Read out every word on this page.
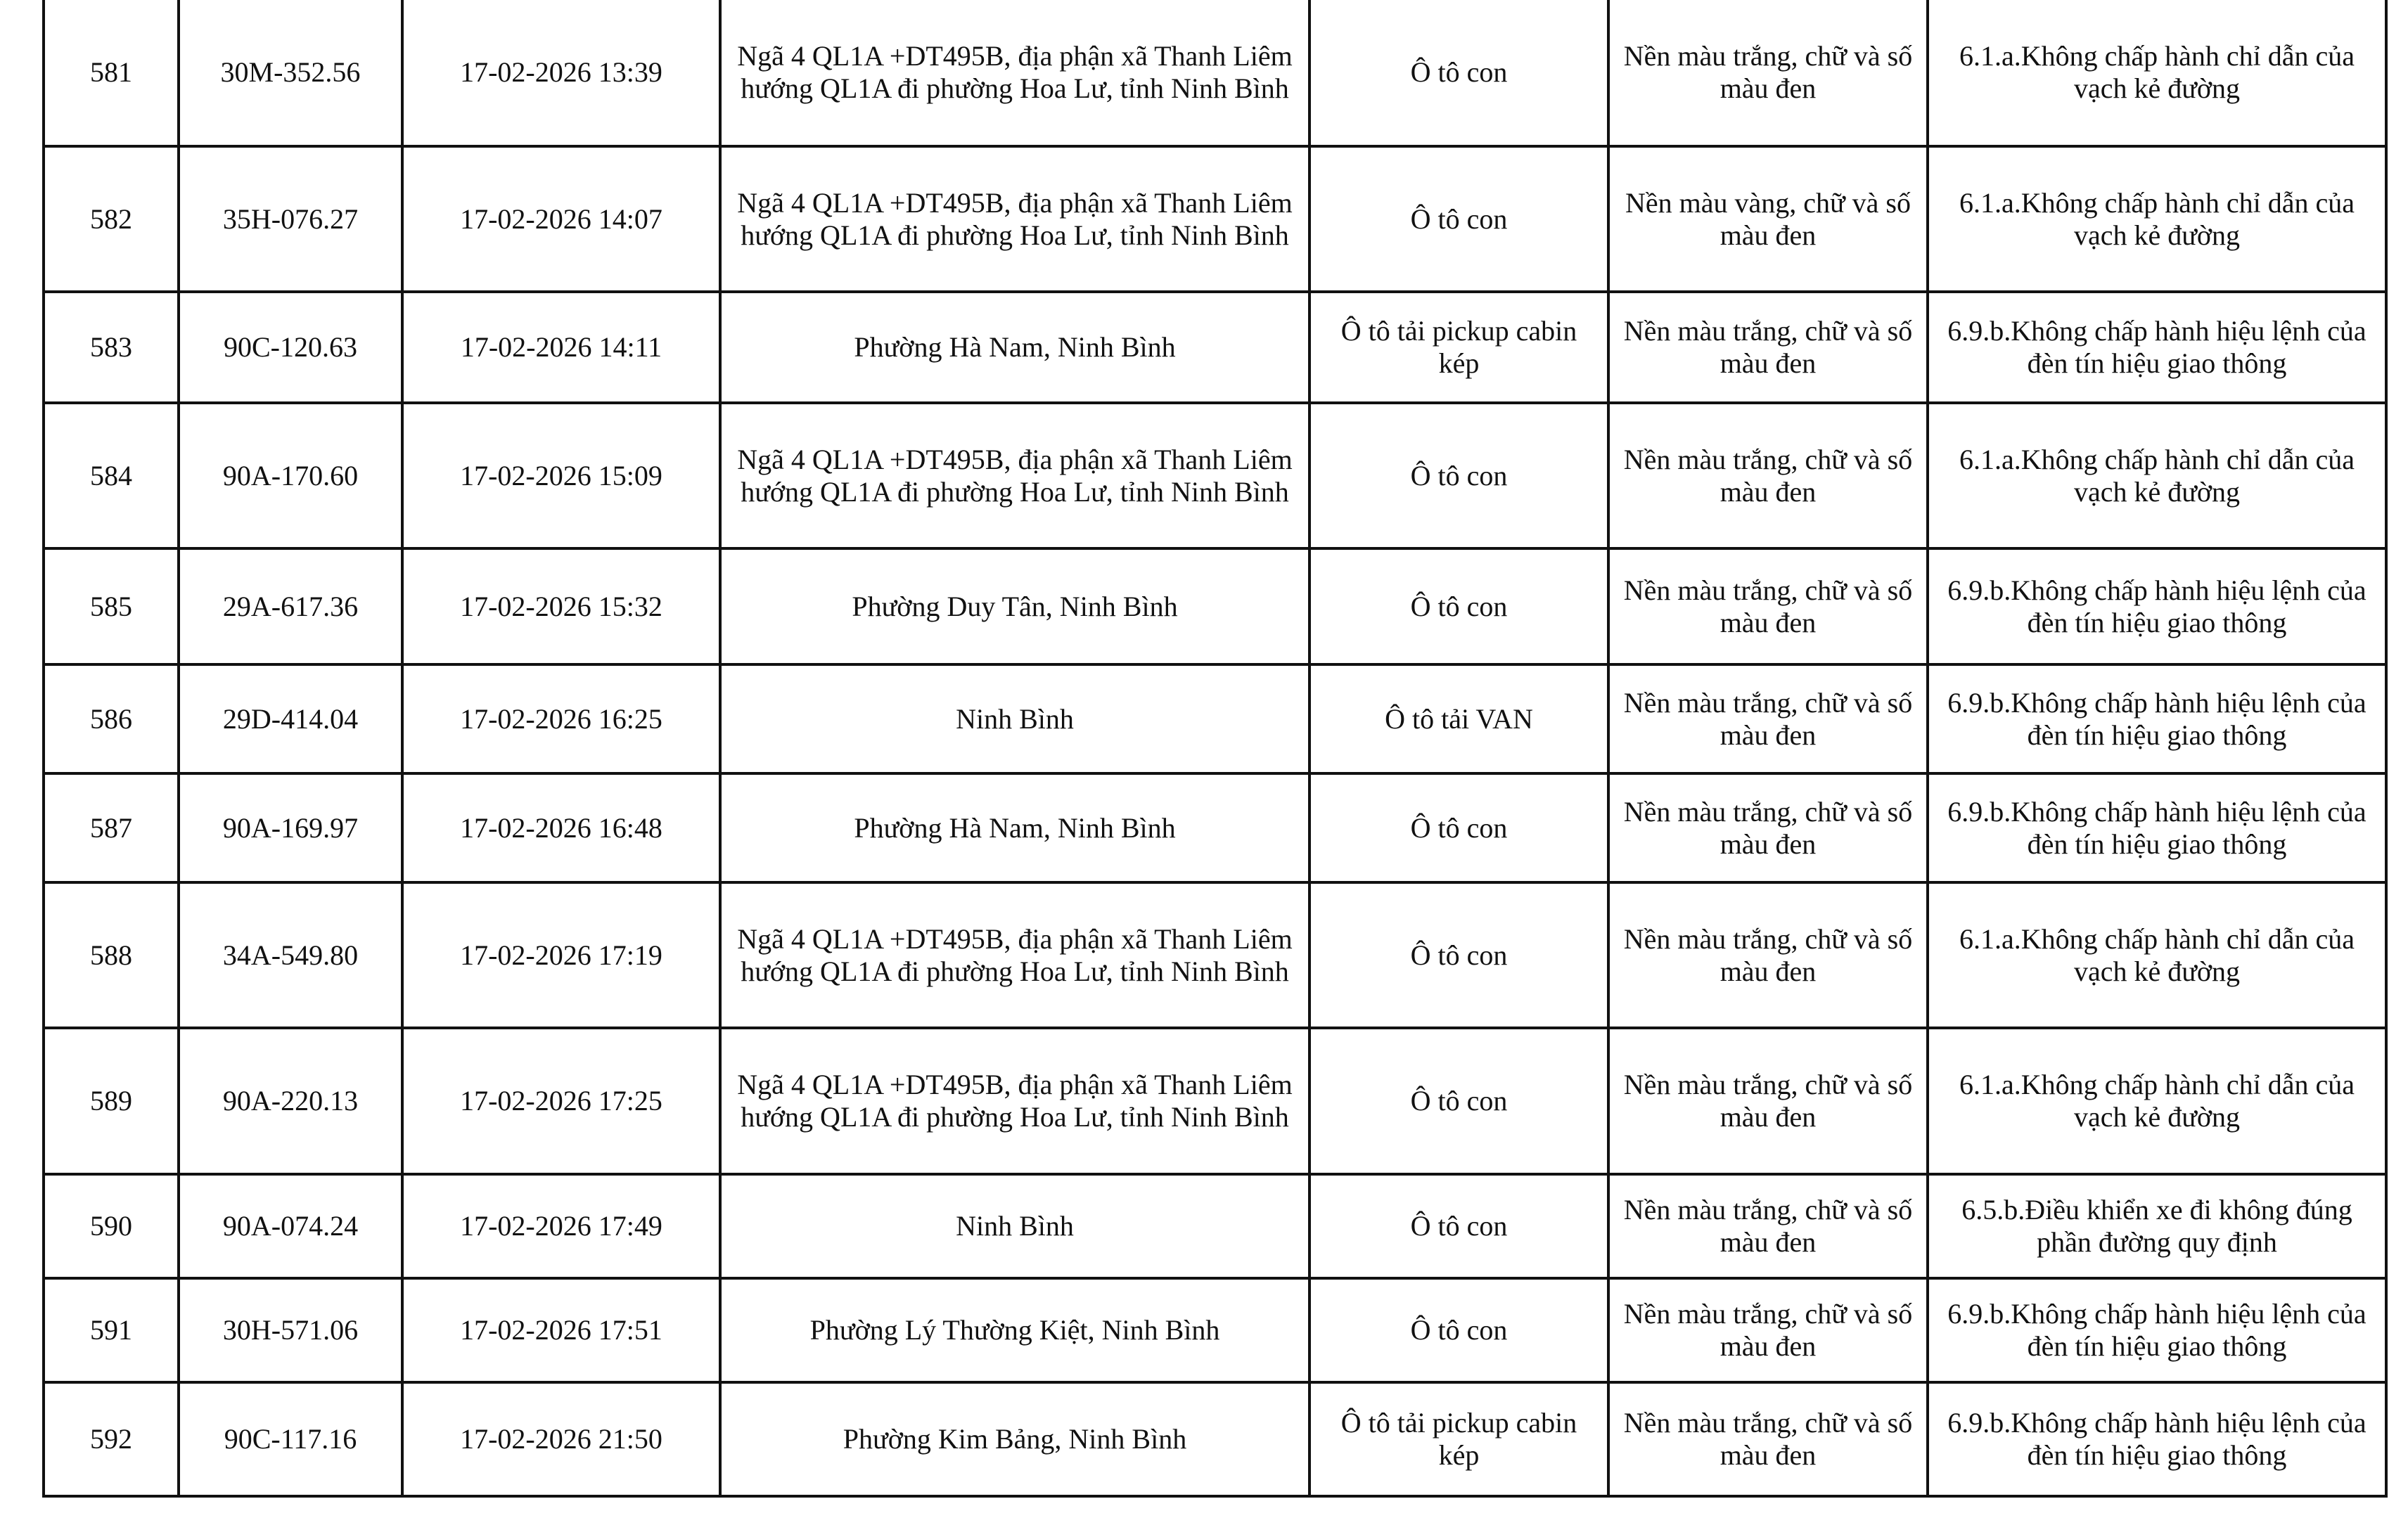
581	30M-352.56	17-02-2026 13:39	Ngã 4 QL1A +DT495B, địa phận xã Thanh Liêm hướng QL1A đi phường Hoa Lư, tỉnh Ninh Bình	Ô tô con	Nền màu trắng, chữ và số màu đen	6.1.a.Không chấp hành chỉ dẫn của vạch kẻ đường
582	35H-076.27	17-02-2026 14:07	Ngã 4 QL1A +DT495B, địa phận xã Thanh Liêm hướng QL1A đi phường Hoa Lư, tỉnh Ninh Bình	Ô tô con	Nền màu vàng, chữ và số màu đen	6.1.a.Không chấp hành chỉ dẫn của vạch kẻ đường
583	90C-120.63	17-02-2026 14:11	Phường Hà Nam, Ninh Bình	Ô tô tải pickup cabin kép	Nền màu trắng, chữ và số màu đen	6.9.b.Không chấp hành hiệu lệnh của đèn tín hiệu giao thông
584	90A-170.60	17-02-2026 15:09	Ngã 4 QL1A +DT495B, địa phận xã Thanh Liêm hướng QL1A đi phường Hoa Lư, tỉnh Ninh Bình	Ô tô con	Nền màu trắng, chữ và số màu đen	6.1.a.Không chấp hành chỉ dẫn của vạch kẻ đường
585	29A-617.36	17-02-2026 15:32	Phường Duy Tân, Ninh Bình	Ô tô con	Nền màu trắng, chữ và số màu đen	6.9.b.Không chấp hành hiệu lệnh của đèn tín hiệu giao thông
586	29D-414.04	17-02-2026 16:25	Ninh Bình	Ô tô tải VAN	Nền màu trắng, chữ và số màu đen	6.9.b.Không chấp hành hiệu lệnh của đèn tín hiệu giao thông
587	90A-169.97	17-02-2026 16:48	Phường Hà Nam, Ninh Bình	Ô tô con	Nền màu trắng, chữ và số màu đen	6.9.b.Không chấp hành hiệu lệnh của đèn tín hiệu giao thông
588	34A-549.80	17-02-2026 17:19	Ngã 4 QL1A +DT495B, địa phận xã Thanh Liêm hướng QL1A đi phường Hoa Lư, tỉnh Ninh Bình	Ô tô con	Nền màu trắng, chữ và số màu đen	6.1.a.Không chấp hành chỉ dẫn của vạch kẻ đường
589	90A-220.13	17-02-2026 17:25	Ngã 4 QL1A +DT495B, địa phận xã Thanh Liêm hướng QL1A đi phường Hoa Lư, tỉnh Ninh Bình	Ô tô con	Nền màu trắng, chữ và số màu đen	6.1.a.Không chấp hành chỉ dẫn của vạch kẻ đường
590	90A-074.24	17-02-2026 17:49	Ninh Bình	Ô tô con	Nền màu trắng, chữ và số màu đen	6.5.b.Điều khiển xe đi không đúng phần đường quy định
591	30H-571.06	17-02-2026 17:51	Phường Lý Thường Kiệt, Ninh Bình	Ô tô con	Nền màu trắng, chữ và số màu đen	6.9.b.Không chấp hành hiệu lệnh của đèn tín hiệu giao thông
592	90C-117.16	17-02-2026 21:50	Phường Kim Bảng, Ninh Bình	Ô tô tải pickup cabin kép	Nền màu trắng, chữ và số màu đen	6.9.b.Không chấp hành hiệu lệnh của đèn tín hiệu giao thông
